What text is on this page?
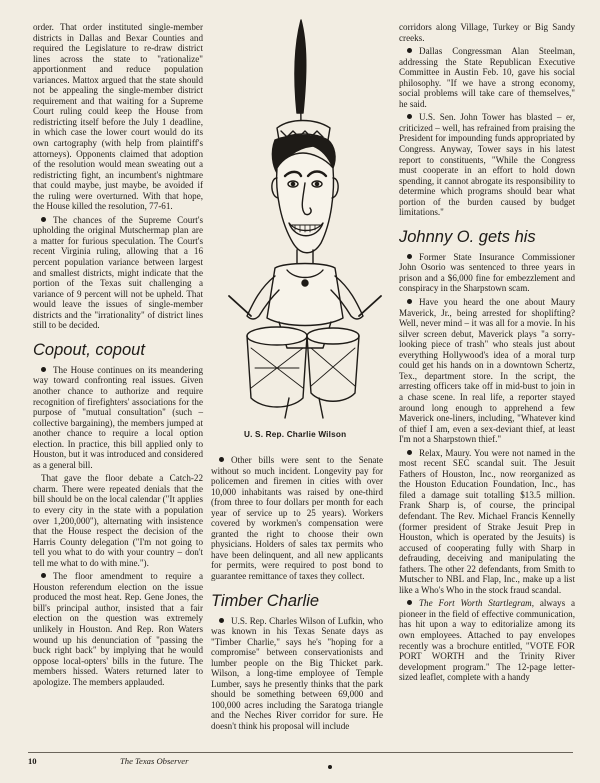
order. That order instituted single-member districts in Dallas and Bexar Counties and required the Legislature to re-draw district lines across the state to "rationalize" apportionment and reduce population variances. Mattox argued that the state should not be appealing the single-member district requirement and that waiting for a Supreme Court ruling could keep the House from redistricting itself before the July 1 deadline, in which case the lower court would do its own cartography (with help from plaintiff's attorneys). Opponents claimed that adoption of the resolution would mean sweating out a redistricting fight, an incumbent's nightmare that could maybe, just maybe, be avoided if the ruling were overturned. With that hope, the House killed the resolution, 77-61.

The chances of the Supreme Court's upholding the original Mutschermap plan are a matter for furious speculation. The Court's recent Virginia ruling, allowing that a 16 percent population variance between largest and smallest districts, might indicate that the portion of the Texas suit challenging a variance of 9 percent will not be upheld. That would leave the issues of single-member districts and the "irrationality" of district lines still to be decided.

Copout, copout

The House continues on its meandering way toward confronting real issues. Given another chance to authorize and require recognition of firefighters' associations for the purpose of "mutual consultation" (such – collective bargaining), the members jumped at another chance to require a local option election. In practice, this bill applied only to Houston, but it was introduced and considered as a general bill.

That gave the floor debate a Catch-22 charm. There were repeated denials that the bill should be on the local calendar ("It applies to every city in the state with a population over 1,200,000"), alternating with insistence that the House respect the decision of the Harris County delegation ("I'm not going to tell you what to do with your country – don't tell me what to do with mine.").

The floor amendment to require a Houston referendum election on the issue produced the most heat. Rep. Gene Jones, the bill's principal author, insisted that a fair election on the question was extremely unlikely in Houston. And Rep. Ron Waters wound up his denunciation of "passing the buck right back" by implying that he would oppose local-opters' bills in the future. The members hissed. Waters returned later to apologize. The members applauded.

U. S. Rep. Charlie Wilson

Other bills were sent to the Senate without so much incident. Longevity pay for policemen and firemen in cities with over 10,000 inhabitants was raised by one-third (from three to four dollars per month for each year of service up to 25 years). Workers covered by workmen's compensation were granted the right to choose their own physicians. Holders of sales tax permits who have been delinquent, and all new applicants for permits, were required to post bond to guarantee remittance of taxes they collect.

Timber Charlie

U.S. Rep. Charles Wilson of Lufkin, who was known in his Texas Senate days as "Timber Charlie," says he's "hoping for a compromise" between conservationists and lumber people on the Big Thicket park. Wilson, a long-time employee of Temple Lumber, says he presently thinks that the park should be something between 69,000 and 100,000 acres including the Saratoga triangle and the Neches River corridor for sure. He doesn't think his proposal will include

corridors along Village, Turkey or Big Sandy creeks.

Dallas Congressman Alan Steelman, addressing the State Republican Executive Committee in Austin Feb. 10, gave his social philosophy. "If we have a strong economy, social problems will take care of themselves," he said.

U.S. Sen. John Tower has blasted – er, criticized – well, has refrained from praising the President for impounding funds appropriated by Congress. Anyway, Tower says in his latest report to constituents, "While the Congress must cooperate in an effort to hold down spending, it cannot abrogate its responsibility to determine which programs should bear what portion of the burden caused by budget limitations."

Johnny O. gets his

Former State Insurance Commissioner John Osorio was sentenced to three years in prison and a $6,000 fine for embezzlement and conspiracy in the Sharpstown scam.

Have you heard the one about Maury Maverick, Jr., being arrested for shoplifting? Well, never mind – it was all for a movie. In his silver screen debut, Maverick plays "a sorry-looking piece of trash" who steals just about everything Hollywood's idea of a moral turp could get his hands on in a downtown Schertz, Tex., department store. In the script, the arresting officers take off in mid-bust to join in a chase scene. In real life, a reporter stayed around long enough to apprehend a few Maverick one-liners, including, "Whatever kind of thief I am, even a sex-deviant thief, at least I'm not a Sharpstown thief."

Relax, Maury. You were not named in the most recent SEC scandal suit. The Jesuit Fathers of Houston, Inc., now reorganized as the Houston Education Foundation, Inc., has filed a damage suit totalling $13.5 million. Frank Sharp is, of course, the principal defendant. The Rev. Michael Francis Kennelly (former president of Strake Jesuit Prep in Houston, which is operated by the Jesuits) is accused of cooperating fully with Sharp in defrauding, deceiving and manipulating the fathers. The other 22 defendants, from Smith to Mutscher to NBL and Flap, Inc., make up a list like a Who's Who in the stock fraud scandal.

The Fort Worth Startlegram, always a pioneer in the field of effective communication, has hit upon a way to editorialize among its own employees. Attached to pay envelopes recently was a brochure entitled, "VOTE FOR PORT WORTH and the Trinity River development program." The 12-page letter-sized leaflet, complete with a handy

10	The Texas Observer
